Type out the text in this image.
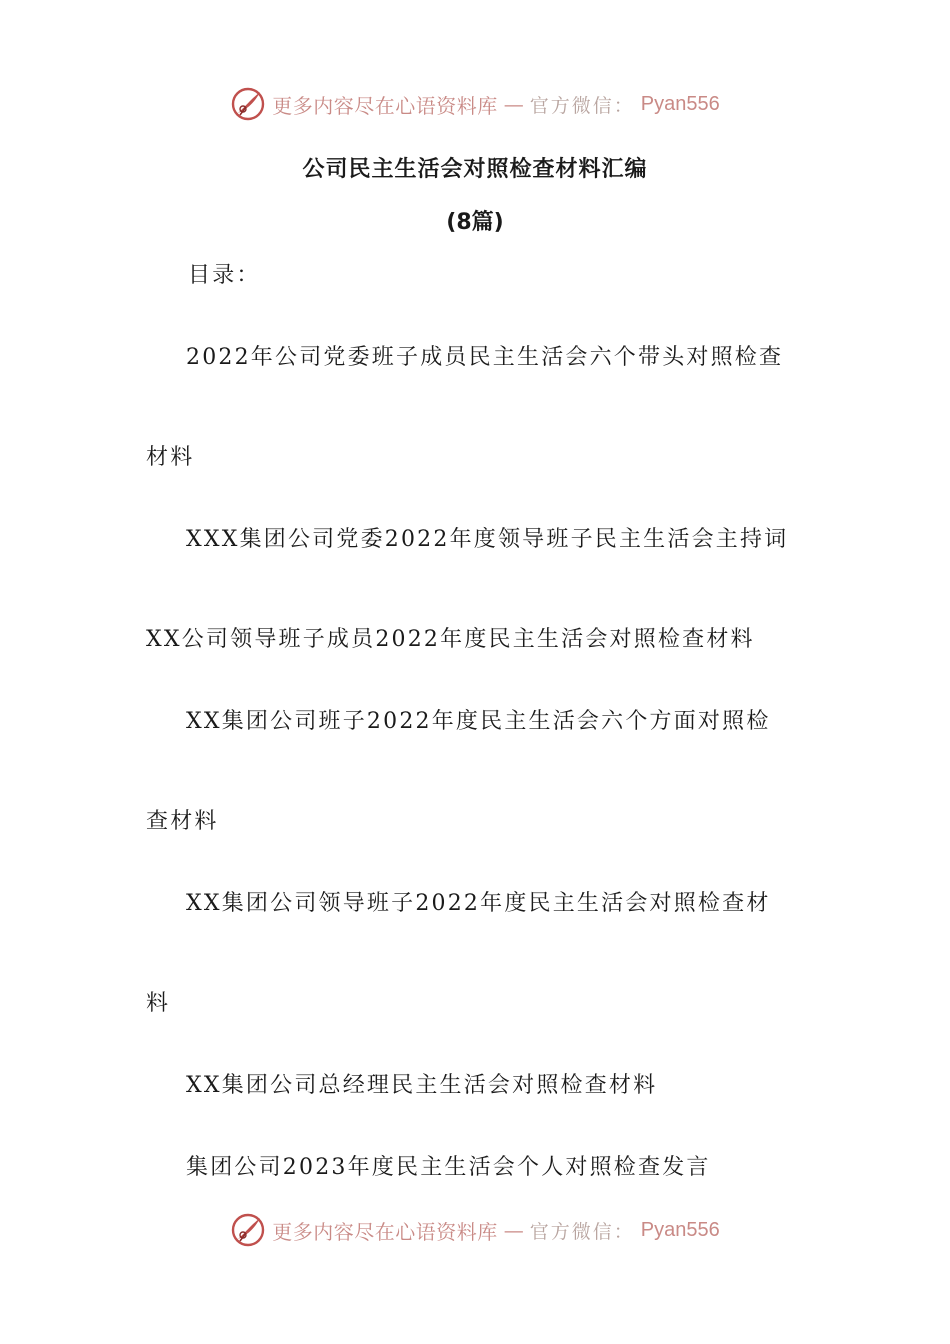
更多内容尽在心语资料库 — 官方微信： Pyan556
公司民主生活会对照检查材料汇编
(8篇)
目录：
2022年公司党委班子成员民主生活会六个带头对照检查
材料
XXX集团公司党委2022年度领导班子民主生活会主持词
XX公司领导班子成员2022年度民主生活会对照检查材料
XX集团公司班子2022年度民主生活会六个方面对照检
查材料
XX集团公司领导班子2022年度民主生活会对照检查材
料
XX集团公司总经理民主生活会对照检查材料
集团公司2023年度民主生活会个人对照检查发言
更多内容尽在心语资料库 — 官方微信： Pyan556
